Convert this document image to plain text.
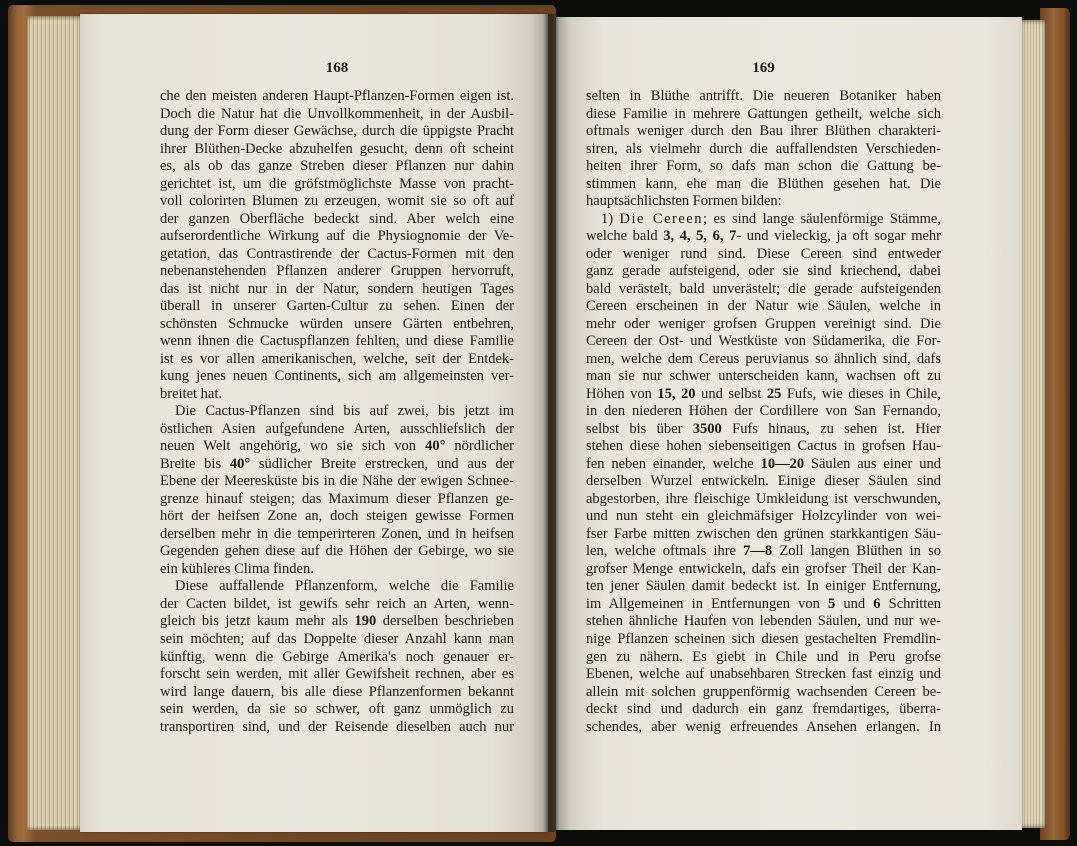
168	169
che den meisten anderen Haupt-Pflanzen-Formen eigen ist.
Doch die Natur hat die Unvollkommenheit, in der Ausbil-
dung der Form dieser Gewächse, durch die üppigste Pracht
ihrer Blüthen-Decke abzuhelfen gesucht, denn oft scheint
es, als ob das ganze Streben dieser Pflanzen nur dahin
gerichtet ist, um die gröfstmöglichste Masse von pracht-
voll colorirten Blumen zu erzeugen, womit sie so oft auf
der ganzen Oberfläche bedeckt sind. Aber welch eine
aufserordentliche Wirkung auf die Physiognomie der Ve-
getation, das Contrastirende der Cactus-Formen mit den
nebenanstehenden Pflanzen anderer Gruppen hervorruft,
das ist nicht nur in der Natur, sondern heutigen Tages
überall in unserer Garten-Cultur zu sehen. Einen der
schönsten Schmucke würden unsere Gärten entbehren,
wenn ihnen die Cactuspflanzen fehlten, und diese Familie
ist es vor allen amerikanischen, welche, seit der Entdek-
kung jenes neuen Continents, sich am allgemeinsten ver-
breitet hat.
Die Cactus-Pflanzen sind bis auf zwei, bis jetzt im
östlichen Asien aufgefundene Arten, ausschliefslich der
neuen Welt angehörig, wo sie sich von 40° nördlicher
Breite bis 40° südlicher Breite erstrecken, und aus der
Ebene der Meeresküste bis in die Nähe der ewigen Schnee-
grenze hinauf steigen; das Maximum dieser Pflanzen ge-
hört der heifsen Zone an, doch steigen gewisse Formen
derselben mehr in die temperirteren Zonen, und in heifsen
Gegenden gehen diese auf die Höhen der Gebirge, wo sie
ein kühleres Clima finden.
Diese auffallende Pflanzenform, welche die Familie
der Cacten bildet, ist gewifs sehr reich an Arten, wenn-
gleich bis jetzt kaum mehr als 190 derselben beschrieben
sein möchten; auf das Doppelte dieser Anzahl kann man
künftig, wenn die Gebirge Amerika's noch genauer er-
forscht sein werden, mit aller Gewifsheit rechnen, aber es
wird lange dauern, bis alle diese Pflanzenformen bekannt
sein werden, da sie so schwer, oft ganz unmöglich zu
transportiren sind, und der Reisende dieselben auch nur
selten in Blüthe antrifft. Die neueren Botaniker haben
diese Familie in mehrere Gattungen getheilt, welche sich
oftmals weniger durch den Bau ihrer Blüthen charakteri-
siren, als vielmehr durch die auffallendsten Verschieden-
heiten ihrer Form, so dafs man schon die Gattung be-
stimmen kann, ehe man die Blüthen gesehen hat. Die
hauptsächlichsten Formen bilden:
1) Die Cereen; es sind lange säulenförmige Stämme,
welche bald 3, 4, 5, 6, 7- und vieleckig, ja oft sogar mehr
oder weniger rund sind. Diese Cereen sind entweder
ganz gerade aufsteigend, oder sie sind kriechend, dabei
bald verästelt, bald unverästelt; die gerade aufsteigenden
Cereen erscheinen in der Natur wie Säulen, welche in
mehr oder weniger grofsen Gruppen vereinigt sind. Die
Cereen der Ost- und Westküste von Südamerika, die For-
men, welche dem Cereus peruvianus so ähnlich sind, dafs
man sie nur schwer unterscheiden kann, wachsen oft zu
Höhen von 15, 20 und selbst 25 Fufs, wie dieses in Chile,
in den niederen Höhen der Cordillere von San Fernando,
selbst bis über 3500 Fufs hinaus, zu sehen ist. Hier
stehen diese hohen siebenseitigen Cactus in grofsen Hau-
fen neben einander, welche 10—20 Säulen aus einer und
derselben Wurzel entwickeln. Einige dieser Säulen sind
abgestorben, ihre fleischige Umkleidung ist verschwunden,
und nun steht ein gleichmäfsiger Holzcylinder von wei-
fser Farbe mitten zwischen den grünen starkkantigen Säu-
len, welche oftmals ihre 7—8 Zoll langen Blüthen in so
grofser Menge entwickeln, dafs ein grofser Theil der Kan-
ten jener Säulen damit bedeckt ist. In einiger Entfernung,
im Allgemeinen in Entfernungen von 5 und 6 Schritten
stehen ähnliche Haufen von lebenden Säulen, und nur we-
nige Pflanzen scheinen sich diesen gestachelten Fremdlin-
gen zu nähern. Es giebt in Chile und in Peru grofse
Ebenen, welche auf unabsehbaren Strecken fast einzig und
allein mit solchen gruppenförmig wachsenden Cereen be-
deckt sind und dadurch ein ganz fremdartiges, überra-
schendes, aber wenig erfreuendes Ansehen erlangen. In
